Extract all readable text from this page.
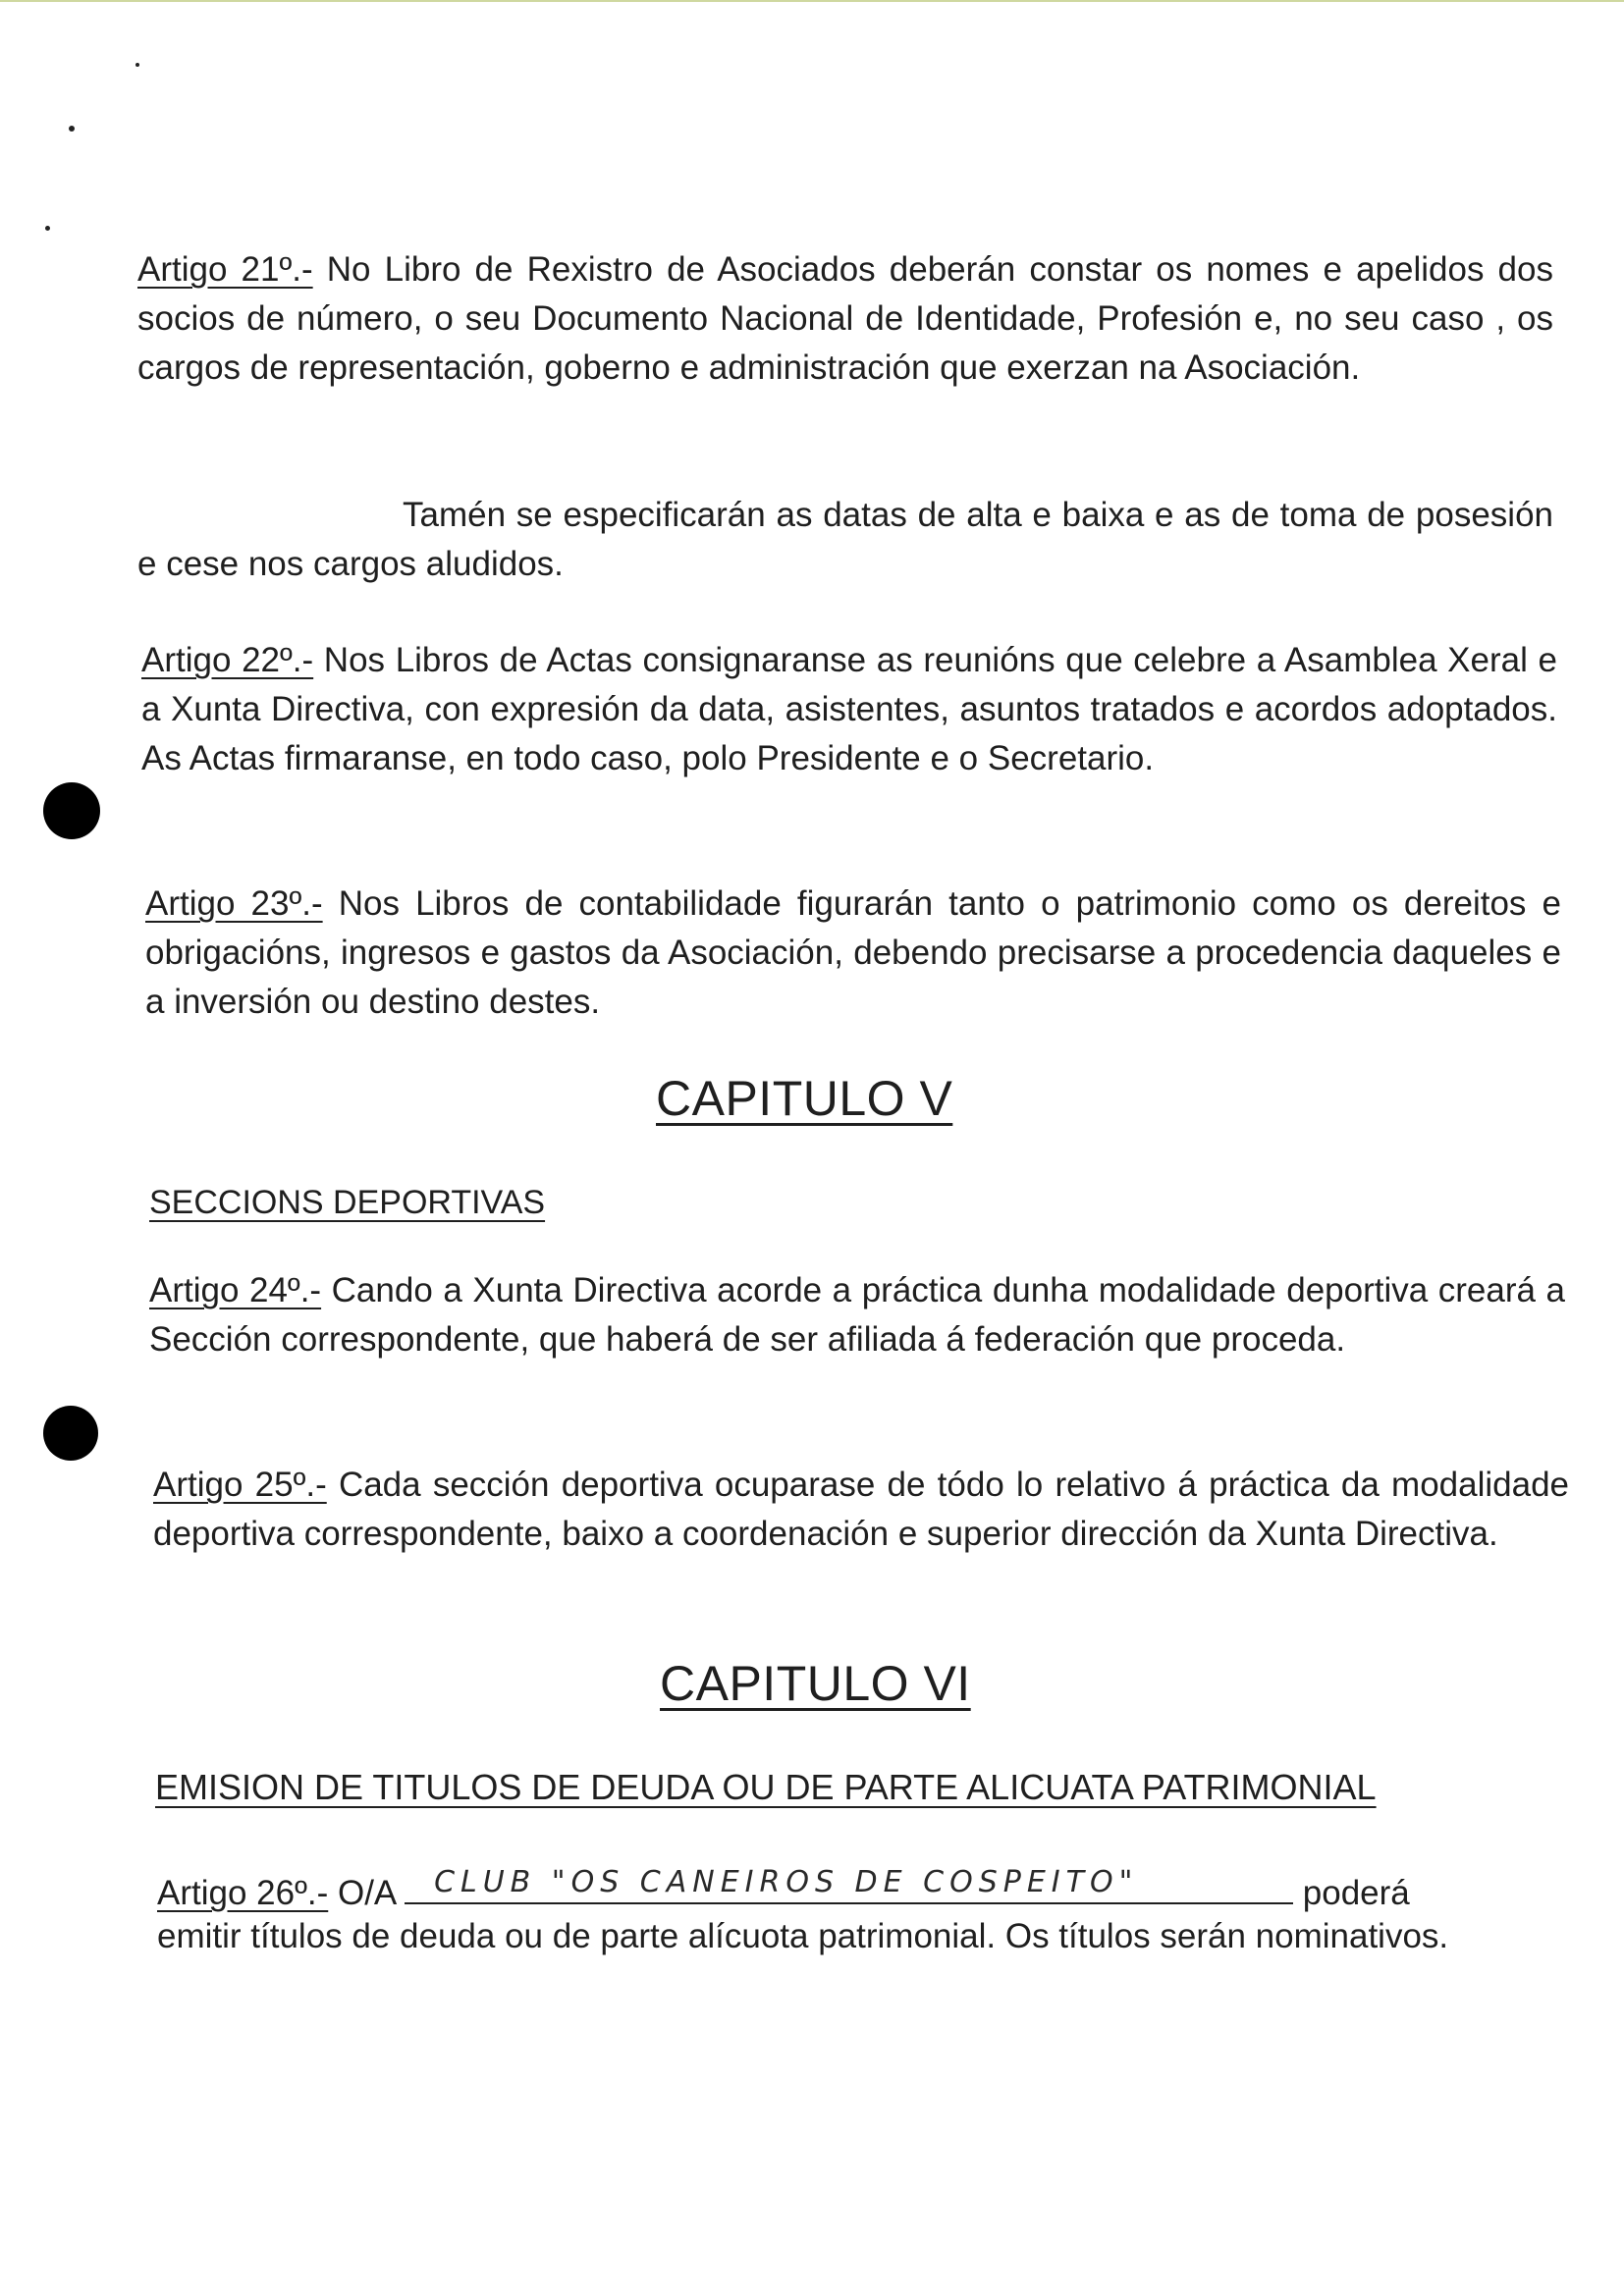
Artigo 21º.- No Libro de Rexistro de Asociados deberán constar os nomes e apelidos dos socios de número, o seu Documento Nacional de Identidade, Profesión e, no seu caso , os cargos de representación, goberno e administración que exerzan na Asociación.
Tamén se especificarán as datas de alta e baixa e as de toma de posesión e cese nos cargos aludidos.
Artigo 22º.- Nos Libros de Actas consignaranse as reunións que celebre a Asamblea Xeral e a Xunta Directiva, con expresión da data, asistentes, asuntos tratados e acordos adoptados. As Actas firmaranse, en todo caso, polo Presidente e o Secretario.
Artigo 23º.- Nos Libros de contabilidade figurarán tanto o patrimonio como os dereitos e obrigacións, ingresos e gastos da Asociación, debendo precisarse a procedencia daqueles e a inversión ou destino destes.
CAPITULO V
SECCIONS DEPORTIVAS
Artigo 24º.- Cando a Xunta Directiva acorde a práctica dunha modalidade deportiva creará a Sección correspondente, que haberá de ser afiliada á federación que proceda.
Artigo 25º.- Cada sección deportiva ocuparase de tódo lo relativo á práctica da modalidade deportiva correspondente, baixo a coordenación e superior dirección da Xunta Directiva.
CAPITULO VI
EMISION DE TITULOS DE DEUDA OU DE PARTE ALICUATA PATRIMONIAL
Artigo 26º.- O/A CLUB "OS CANEIROS DE COSPEITO"	poderá
emitir títulos de deuda ou de parte alícuota patrimonial. Os títulos serán nominativos.
